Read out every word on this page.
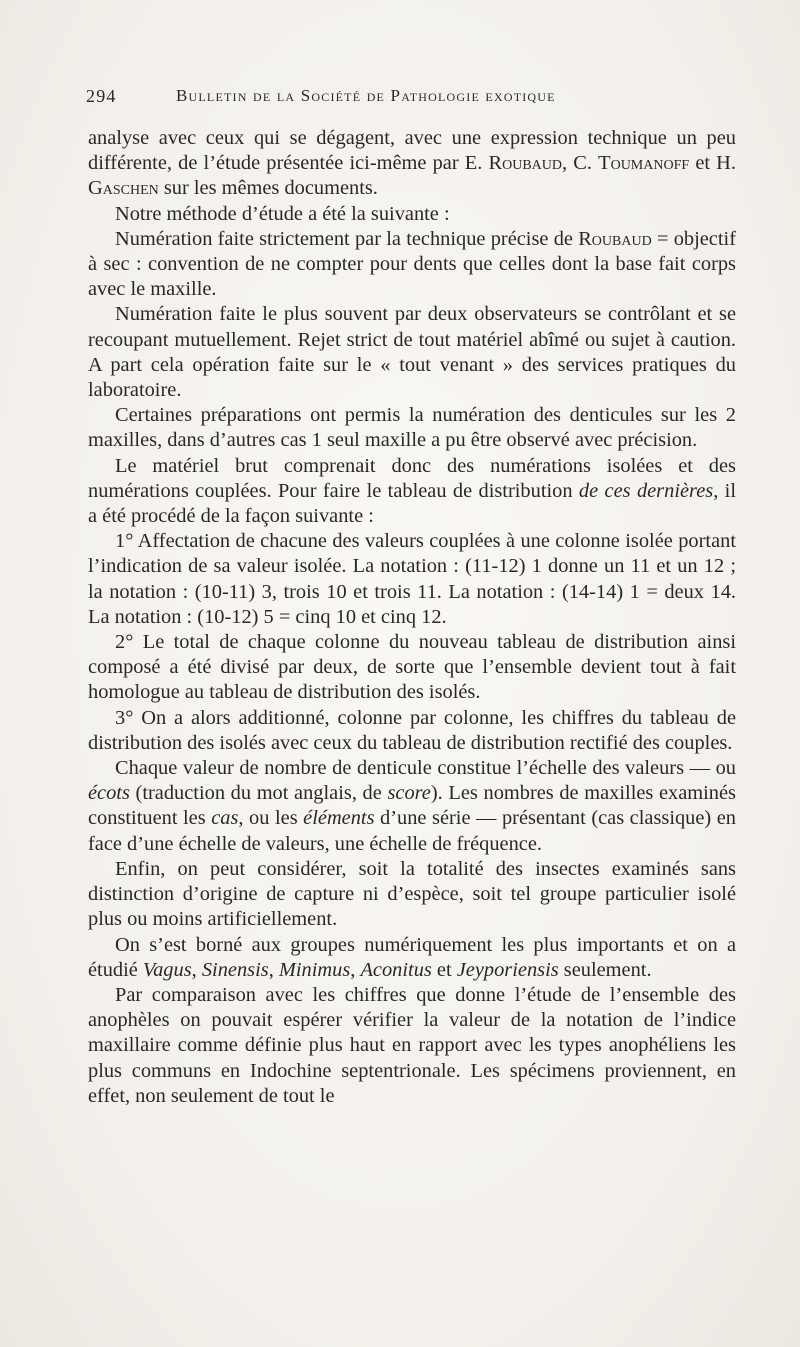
294	Bulletin de la Société de Pathologie exotique

analyse avec ceux qui se dégagent, avec une expression technique un peu différente, de l’étude présentée ici-même par E. Roubaud, C. Toumanoff et H. Gaschen sur les mêmes documents.

Notre méthode d’étude a été la suivante :

Numération faite strictement par la technique précise de Roubaud = objectif à sec : convention de ne compter pour dents que celles dont la base fait corps avec le maxille.

Numération faite le plus souvent par deux observateurs se contrôlant et se recoupant mutuellement. Rejet strict de tout matériel abîmé ou sujet à caution. A part cela opération faite sur le « tout venant » des services pratiques du laboratoire.

Certaines préparations ont permis la numération des denticules sur les 2 maxilles, dans d’autres cas 1 seul maxille a pu être observé avec précision.

Le matériel brut comprenait donc des numérations isolées et des numérations couplées. Pour faire le tableau de distribution de ces dernières, il a été procédé de la façon suivante :

1° Affectation de chacune des valeurs couplées à une colonne isolée portant l’indication de sa valeur isolée. La notation : (11-12) 1 donne un 11 et un 12 ; la notation : (10-11) 3, trois 10 et trois 11. La notation : (14-14) 1 = deux 14. La notation : (10-12) 5 = cinq 10 et cinq 12.

2° Le total de chaque colonne du nouveau tableau de distribution ainsi composé a été divisé par deux, de sorte que l’ensemble devient tout à fait homologue au tableau de distribution des isolés.

3° On a alors additionné, colonne par colonne, les chiffres du tableau de distribution des isolés avec ceux du tableau de distribution rectifié des couples.

Chaque valeur de nombre de denticule constitue l’échelle des valeurs — ou écots (traduction du mot anglais, de score). Les nombres de maxilles examinés constituent les cas, ou les éléments d’une série — présentant (cas classique) en face d’une échelle de valeurs, une échelle de fréquence.

Enfin, on peut considérer, soit la totalité des insectes examinés sans distinction d’origine de capture ni d’espèce, soit tel groupe particulier isolé plus ou moins artificiellement.

On s’est borné aux groupes numériquement les plus importants et on a étudié Vagus, Sinensis, Minimus, Aconitus et Jeyporiensis seulement.

Par comparaison avec les chiffres que donne l’étude de l’ensemble des anophèles on pouvait espérer vérifier la valeur de la notation de l’indice maxillaire comme définie plus haut en rapport avec les types anophéliens les plus communs en Indochine septentrionale. Les spécimens proviennent, en effet, non seulement de tout le
